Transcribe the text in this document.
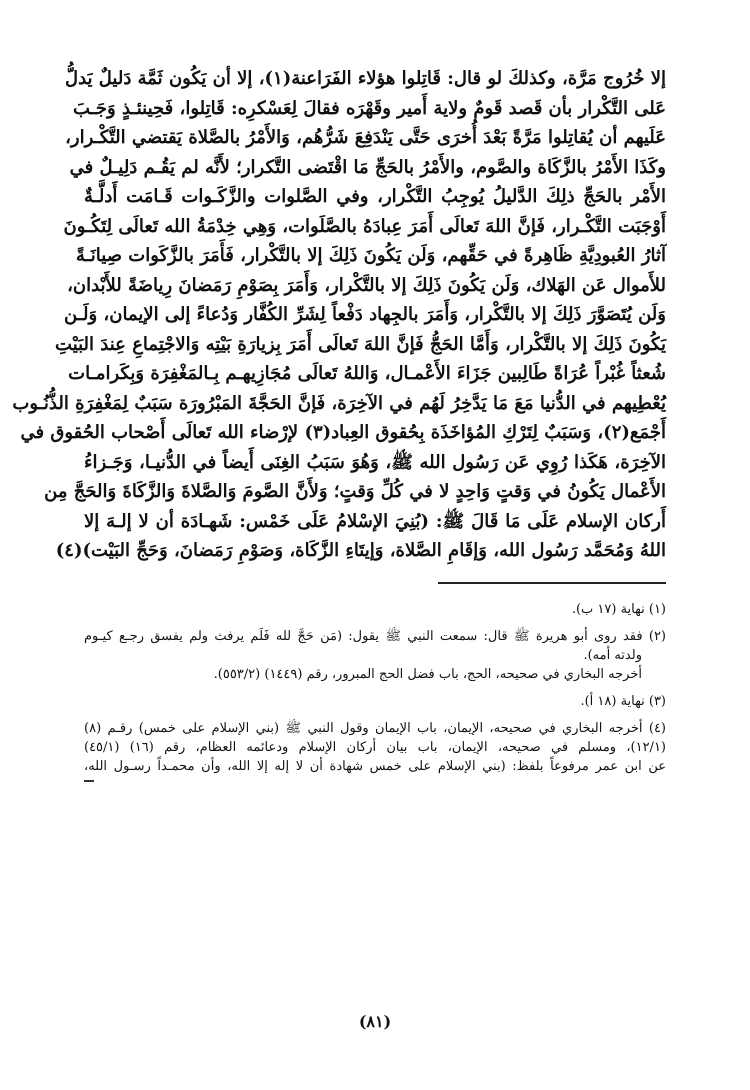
إلا خُرُوج مَرَّة، وكذلكَ لو قال: قَاتِلوا هؤلاء الفَرَاعنة(١)، إلا أن يَكُون ثَمَّة دَليلٌ يَدلُّ
عَلى التَّكْرار بأن قَصد قَومٌ ولاية أَمير وقَهْرَه فقالَ لِعَسْكرِه: قَاتِلوا، فَحِينئـذٍ وَجَـبَ
عَلَيهم أن يُقاتِلوا مَرَّةً بَعْدَ أُخرَى حَتَّى يَنْدَفِعَ شَرُّهُم، وَالأَمْرُ بالصَّلاة يَقتضي التَّكْـرار،
وكَذَا الأَمْرُ بالزَّكَاة والصَّوم، والأَمْرُ بالحَجِّ مَا اقْتَضى التَّكرار؛ لأَنَّه لم يَقُـم دَلِيـلٌ في
الأَمْر بالحَجِّ ذلِكَ الدَّليلُ يُوجِبُ التَّكْرار، وفي الصَّلوات والزَّكَـوات قَـامَت أَدلَّـةٌ
أَوْجَبَت التَّكْـرار، فَإنَّ اللهَ تَعالَى أَمَرَ عِبادَهُ بالصَّلَوات، وَهِي خِدْمَةُ الله تَعالَى لِتَكُـونَ
آثارُ العُبودِيَّةِ ظَاهِرةً في حَقِّهم، وَلَن يَكُونَ ذَلِكَ إلا بالتَّكْرار، فَأَمَرَ بالزَّكَوات صِيانَـةً
للأَموال عَن الهَلاك، وَلَن يَكُونَ ذَلِكَ إلا بالتَّكْرار، وَأَمَرَ بِصَوْمِ رَمَضانَ رِياضَةً للأَبْدان،
وَلَن يُتَصَوَّرَ ذَلِكَ إلا بالتَّكْرار، وَأَمَرَ بالجِهاد دَفْعاً لِشَرِّ الكُفَّار وَدُعاءً إلى الإيمان، وَلَـن
يَكُونَ ذَلِكَ إلا بالتَّكْرار، وَأَمَّا الحَجُّ فَإنَّ اللهَ تَعالَى أَمَرَ بِزيارَةِ بَيْتِه وَالاجْتِماعِ عِندَ البَيْتِ
شُعثاً غُبْراً عُرَاةً طَالِبين جَزَاءَ الأَعْمـال، وَاللهُ تَعالَى مُجَازِيهـم بِـالمَغْفِرَة وَبِكَرامـات
يُعْطِيهم في الدُّنيا مَعَ مَا يَدَّخِرُ لَهُم في الآخِرَة، فَإنَّ الحَجَّةَ المَبْرُورَة سَبَبٌ لِمَغْفِرَةِ الذُّنُـوب
أَجْمَع(٢)، وَسَبَبٌ لِتَرْكِ المُؤاخَذَة بِحُقوق العِباد(٣) لإرْضاء الله تَعالَى أَصْحاب الحُقوق في
الآخِرَة، هَكَذا رُوِي عَن رَسُول الله ﷺ، وَهُوَ سَبَبُ الغِنَى أَيضاً في الدُّنيـا، وَجَـزاءُ
الأَعْمال يَكُونُ في وَقتٍ وَاحِدٍ لا في كُلِّ وَقتٍ؛ وَلأَنَّ الصَّومَ وَالصَّلاةَ وَالزَّكَاةَ وَالحَجَّ مِن
أَركان الإسلام عَلَى مَا قَالَ ﷺ: (بُنِيَ الإسْلامُ عَلَى خَمْس: شَهـادَة أن لا إلـهَ إلا
اللهُ وَمُحَمَّد رَسُول الله، وَإقَامِ الصَّلاة، وَإيتَاءِ الزَّكَاة، وَصَوْمِ رَمَضانَ، وَحَجِّ البَيْت)(٤)
(١) نهاية (١٧ ب).
(٢) فقد روى أبو هريرة ﷺ قال: سمعت النبي ﷺ يقول: (مَن حَجَّ لله فَلَم يرفث ولم يفسق رجـع كيـوم
ولدته أمه).
أخرجه البخاري في صحيحه، الحج، باب فضل الحج المبرور، رقم (١٤٤٩) (٥٥٣/٢).
(٣) نهاية (١٨ أ).
(٤) أخرجه البخاري في صحيحه، الإيمان، باب الإيمان وقول النبي ﷺ (بني الإسلام على خمس) رقـم (٨)
(١٢/١)، ومسلم في صحيحه، الإيمان، باب بيان أركان الإسلام ودعائمه العظام، رقم (١٦) (٤٥/١)
عن ابن عمر مرفوعاً بلفظ: (بني الإسلام على خمس شهادة أن لا إله إلا الله، وأن محمـداً رسـول الله،
(٨١)
